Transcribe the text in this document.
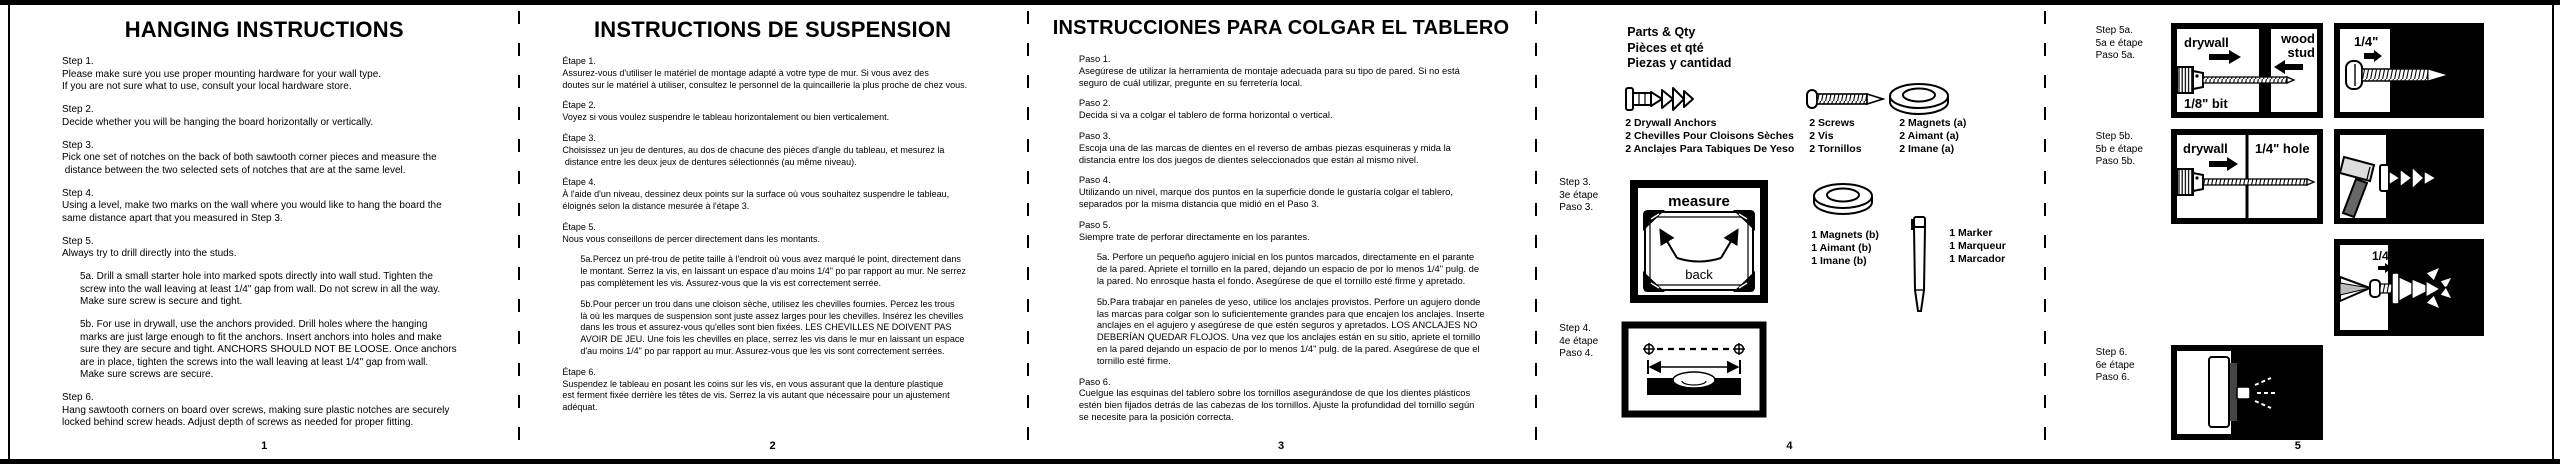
HANGING INSTRUCTIONS
Step 1.
Please make sure you use proper mounting hardware for your wall type.
If you are not sure what to use, consult your local hardware store.
Step 2.
Decide whether you will be hanging the board horizontally or vertically.
Step 3.
Pick one set of notches on the back of both sawtooth corner pieces and measure the
distance between the two selected sets of notches that are at the same level.
Step 4.
Using a level, make two marks on the wall where you would like to hang the board the
same distance apart that you measured in Step 3.
Step 5.
Always try to drill directly into the studs.
5a. Drill a small starter hole into marked spots directly into wall stud. Tighten the
screw into the wall leaving at least 1/4" gap from wall. Do not screw in all the way.
Make sure screw is secure and tight.
5b. For use in drywall, use the anchors provided. Drill holes where the hanging
marks are just large enough to fit the anchors. Insert anchors into holes and make
sure they are secure and tight. ANCHORS SHOULD NOT BE LOOSE. Once anchors
are in place, tighten the screws into the wall leaving at least 1/4" gap from wall.
Make sure screws are secure.
Step 6.
Hang sawtooth corners on board over screws, making sure plastic notches are securely
locked behind screw heads. Adjust depth of screws as needed for proper fitting.
1
INSTRUCTIONS DE SUSPENSION
Étape 1.
Assurez-vous d'utiliser le matériel de montage adapté à votre type de mur. Si vous avez des
doutes sur le matériel à utiliser, consultez le personnel de la quincaillerie la plus proche de chez vous.
Étape 2.
Voyez si vous voulez suspendre le tableau horizontalement ou bien verticalement.
Étape 3.
Choisissez un jeu de dentures, au dos de chacune des pièces d'angle du tableau, et mesurez la
distance entre les deux jeux de dentures sélectionnés (au même niveau).
Étape 4.
À l'aide d'un niveau, dessinez deux points sur la surface où vous souhaitez suspendre le tableau,
éloignés selon la distance mesurée à l'étape 3.
Étape 5.
Nous vous conseillons de percer directement dans les montants.
5a.Percez un pré-trou de petite taille à l'endroit où vous avez marqué le point, directement dans
le montant. Serrez la vis, en laissant un espace d'au moins 1/4" po par rapport au mur. Ne serrez
pas complètement les vis. Assurez-vous que la vis est correctement serrée.
5b.Pour percer un trou dans une cloison sèche, utilisez les chevilles fournies. Percez les trous
là où les marques de suspension sont juste assez larges pour les chevilles. Insérez les chevilles
dans les trous et assurez-vous qu'elles sont bien fixées. LES CHEVILLES NE DOIVENT PAS
AVOIR DE JEU. Une fois les chevilles en place, serrez les vis dans le mur en laissant un espace
d'au moins 1/4" po par rapport au mur. Assurez-vous que les vis sont correctement serrées.
Étape 6.
Suspendez le tableau en posant les coins sur les vis, en vous assurant que la denture plastique
est ferment fixée derrière les têtes de vis. Serrez la vis autant que nécessaire pour un ajustement
adéquat.
2
INSTRUCCIONES PARA COLGAR EL TABLERO
Paso 1.
Asegúrese de utilizar la herramienta de montaje adecuada para su tipo de pared. Si no está
seguro de cuál utilizar, pregunte en su ferretería local.
Paso 2.
Decida si va a colgar el tablero de forma horizontal o vertical.
Paso 3.
Escoja una de las marcas de dientes en el reverso de ambas piezas esquineras y mida la
distancia entre los dos juegos de dientes seleccionados que están al mismo nivel.
Paso 4.
Utilizando un nivel, marque dos puntos en la superficie donde le gustaría colgar el tablero,
separados por la misma distancia que midió en el Paso 3.
Paso 5.
Siempre trate de perforar directamente en los parantes.
5a. Perfore un pequeño agujero inicial en los puntos marcados, directamente en el parante
de la pared. Apriete el tornillo en la pared, dejando un espacio de por lo menos 1/4" pulg. de
la pared. No enrosque hasta el fondo. Asegúrese de que el tornillo esté firme y apretado.
5b.Para trabajar en paneles de yeso, utilice los anclajes provistos. Perfore un agujero donde
las marcas para colgar son lo suficientemente grandes para que encajen los anclajes. Inserte
anclajes en el agujero y asegúrese de que estén seguros y apretados. LOS ANCLAJES NO
DEBERÍAN QUEDAR FLOJOS. Una vez que los anclajes están en su sitio, apriete el tornillo
en la pared dejando un espacio de por lo menos 1/4" pulg. de la pared. Asegúrese de que el
tornillo esté firme.
Paso 6.
Cuelgue las esquinas del tablero sobre los tornillos asegurándose de que los dientes plásticos
estén bien fijados detrás de las cabezas de los tornillos. Ajuste la profundidad del tornillo según
se necesite para la posición correcta.
3
Parts & Qty
Pièces et qté
Piezas y cantidad
2 Drywall Anchors
2 Chevilles Pour Cloisons Sèches
2 Anclajes Para Tabiques De Yeso
2 Screws
2 Vis
2 Tornillos
2 Magnets (a)
2 Aimant (a)
2 Imane (a)
Step 3.
3e étape
Paso 3.	measure
back
1 Magnets (b)
1 Aimant (b)
1 Imane (b)
1 Marker
1 Marqueur
1 Marcador
Step 4.
4e étape
Paso 4.
4
Step 5a.
5a e étape
Paso 5a.
drywall	wood
stud
1/8" bit
1/4"
Step 5b.
5b e étape
Paso 5b.
drywall 1/4" hole
1/4"
Step 6.
6e étape
Paso 6.
5
